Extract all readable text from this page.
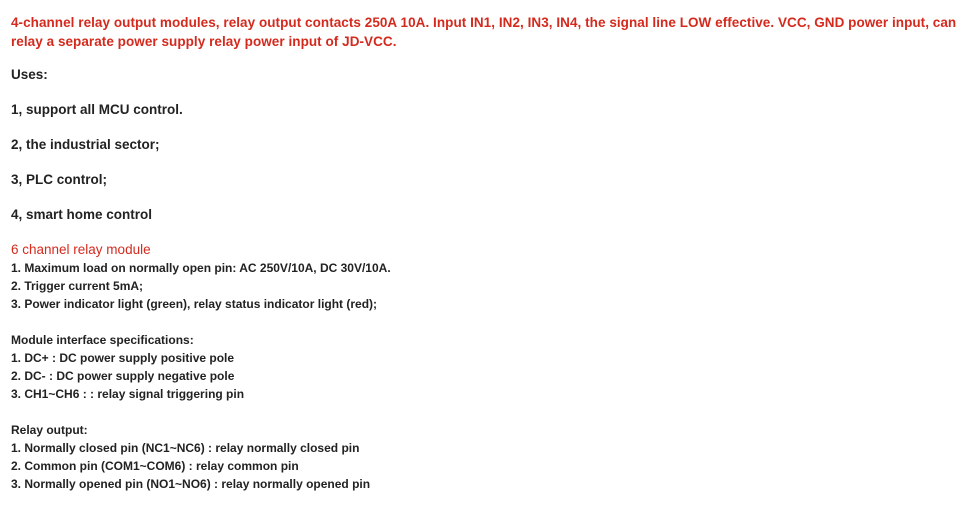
4-channel relay output modules, relay output contacts 250A 10A. Input IN1, IN2, IN3, IN4, the signal line LOW effective. VCC, GND power input, can
relay a separate power supply relay power input of JD-VCC.
Uses:
1, support all MCU control.
2, the industrial sector;
3, PLC control;
4, smart home control
6 channel relay module
1. Maximum load on normally open pin: AC 250V/10A, DC 30V/10A.
2. Trigger current 5mA;
3. Power indicator light (green), relay status indicator light (red);
Module interface specifications:
1. DC+ : DC power supply positive pole
2. DC- : DC power supply negative pole
3. CH1~CH6 : : relay signal triggering pin
Relay output:
1. Normally closed pin (NC1~NC6) : relay normally closed pin
2. Common pin (COM1~COM6) : relay common pin
3. Normally opened pin (NO1~NO6) : relay normally opened pin
